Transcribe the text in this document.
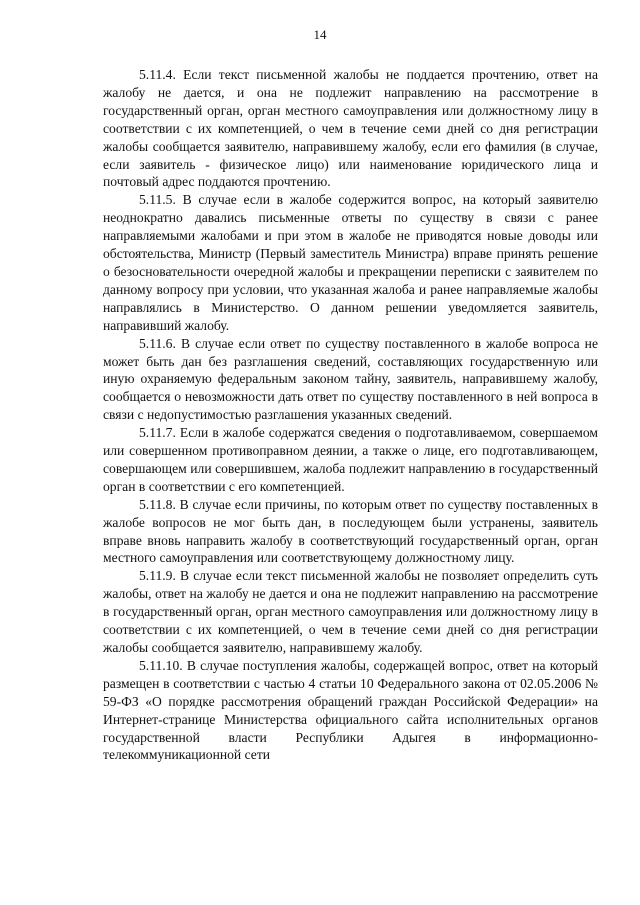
14

5.11.4. Если текст письменной жалобы не поддается прочтению, ответ на жалобу не дается, и она не подлежит направлению на рассмотрение в государственный орган, орган местного самоуправления или должностному лицу в соответствии с их компетенцией, о чем в течение семи дней со дня регистрации жалобы сообщается заявителю, направившему жалобу, если его фамилия (в случае, если заявитель - физическое лицо) или наименование юридического лица и почтовый адрес поддаются прочтению.

5.11.5. В случае если в жалобе содержится вопрос, на который заявителю неоднократно давались письменные ответы по существу в связи с ранее направляемыми жалобами и при этом в жалобе не приводятся новые доводы или обстоятельства, Министр (Первый заместитель Министра) вправе принять решение о безосновательности очередной жалобы и прекращении переписки с заявителем по данному вопросу при условии, что указанная жалоба и ранее направляемые жалобы направлялись в Министерство. О данном решении уведомляется заявитель, направивший жалобу.

5.11.6. В случае если ответ по существу поставленного в жалобе вопроса не может быть дан без разглашения сведений, составляющих государственную или иную охраняемую федеральным законом тайну, заявитель, направившему жалобу, сообщается о невозможности дать ответ по существу поставленного в ней вопроса в связи с недопустимостью разглашения указанных сведений.

5.11.7. Если в жалобе содержатся сведения о подготавливаемом, совершаемом или совершенном противоправном деянии, а также о лице, его подготавливающем, совершающем или совершившем, жалоба подлежит направлению в государственный орган в соответствии с его компетенцией.

5.11.8. В случае если причины, по которым ответ по существу поставленных в жалобе вопросов не мог быть дан, в последующем были устранены, заявитель вправе вновь направить жалобу в соответствующий государственный орган, орган местного самоуправления или соответствующему должностному лицу.

5.11.9. В случае если текст письменной жалобы не позволяет определить суть жалобы, ответ на жалобу не дается и она не подлежит направлению на рассмотрение в государственный орган, орган местного самоуправления или должностному лицу в соответствии с их компетенцией, о чем в течение семи дней со дня регистрации жалобы сообщается заявителю, направившему жалобу.

5.11.10. В случае поступления жалобы, содержащей вопрос, ответ на который размещен в соответствии с частью 4 статьи 10 Федерального закона от 02.05.2006 № 59-ФЗ «О порядке рассмотрения обращений граждан Российской Федерации» на Интернет-странице Министерства официального сайта исполнительных органов государственной власти Республики Адыгея в информационно-телекоммуникационной сети
